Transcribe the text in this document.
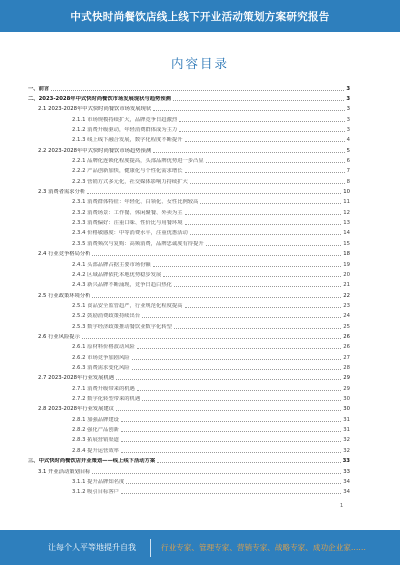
中式快时尚餐饮店线上线下开业活动策划方案研究报告
内容目录
一、前言	3
二、2023-2028年中式快时尚餐饮市场发展现状与趋势预测	3
2.1 2023-2028年中式快时尚餐饮市场发展现状	3
2.1.1 市场规模持续扩大，品牌竞争日趋激烈	3
2.1.2 消费升级驱动，年轻消费群体成为主力	3
2.1.3 线上线下融合发展，数字化程度不断提升	4
2.2 2023-2028年中式快时尚餐饮市场趋势预测	5
2.2.1 品牌化连锁化程度提高，头部品牌优势进一步凸显	6
2.2.2 产品创新加快，健康化与个性化需求增长	7
2.2.3 营销方式多元化，社交媒体影响力持续扩大	8
2.3 消费者需求分析	10
2.3.1 消费群体特征：年轻化、白领化、女性比例较高	11
2.3.2 消费场景：工作餐、休闲聚餐、外卖为主	12
2.3.3 消费偏好：注重口味、性价比与用餐环境	13
2.3.4 价格敏感度：中等消费水平，注重优惠活动	14
2.3.5 消费频次与复购：高频消费，品牌忠诚度有待提升	15
2.4 行业竞争格局分析	18
2.4.1 头部品牌占据主要市场份额	19
2.4.2 区域品牌依托本地优势稳步发展	20
2.4.3 新兴品牌不断涌现，竞争日趋白热化	21
2.5 行业政策环境分析	22
2.5.1 食品安全监管趋严，行业规范化程度提高	23
2.5.2 鼓励消费政策持续出台	24
2.5.3 数字经济政策推动餐饮业数字化转型	25
2.6 行业风险提示	26
2.6.1 原材料价格波动风险	26
2.6.2 市场竞争加剧风险	27
2.6.3 消费需求变化风险	28
2.7 2023-2028年行业发展机遇	29
2.7.1 消费升级带来的机遇	29
2.7.2 数字化转型带来的机遇	30
2.8 2023-2028年行业发展建议	30
2.8.1 加强品牌建设	31
2.8.2 强化产品创新	31
2.8.3 拓展营销渠道	32
2.8.4 提升运营效率	32
三、中式快时尚餐饮店开业策划——线上线下活动方案	33
3.1 开业活动策划目标	33
3.1.1 提升品牌知名度	34
3.1.2 吸引目标客户	34
1
让每个人平等地提升自我	行业专家、管理专家、营销专家、战略专家、成功企业家……
